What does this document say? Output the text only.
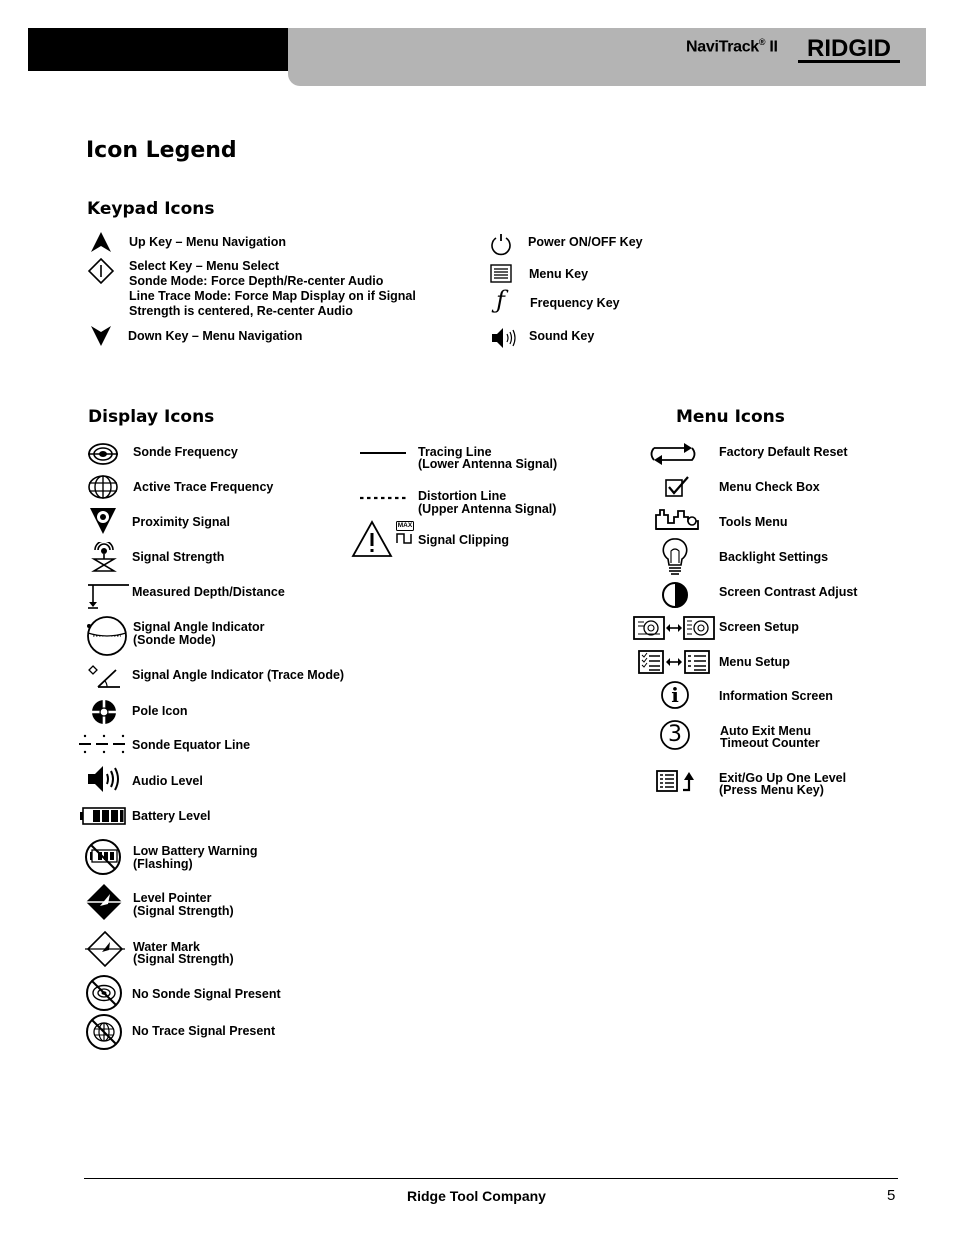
NaviTrack® II RIDGID
Icon Legend
Keypad Icons
Up Key – Menu Navigation
Select Key – Menu Select
Sonde Mode: Force Depth/Re-center Audio
Line Trace Mode: Force Map Display on if Signal
Strength is centered, Re-center Audio
Down Key – Menu Navigation
Power ON/OFF Key
Menu Key
ƒ Frequency Key
Sound Key
Display Icons
Sonde Frequency
Active Trace Frequency
Proximity Signal
Signal Strength
Measured Depth/Distance
Signal Angle Indicator
(Sonde Mode)
Signal Angle Indicator (Trace Mode)
Pole Icon
Sonde Equator Line
Audio Level
Battery Level
Low Battery Warning
(Flashing)
Level Pointer
(Signal Strength)
Water Mark
(Signal Strength)
No Sonde Signal Present
No Trace Signal Present
Tracing Line
(Lower Antenna Signal)
Distortion Line
(Upper Antenna Signal)
MAX
Signal Clipping
Menu Icons
Factory Default Reset
Menu Check Box
Tools Menu
Backlight Settings
Screen Contrast Adjust
Screen Setup
Menu Setup
i	Information Screen
3	Auto Exit Menu
Timeout Counter
Exit/Go Up One Level
(Press Menu Key)
Ridge Tool Company	5
